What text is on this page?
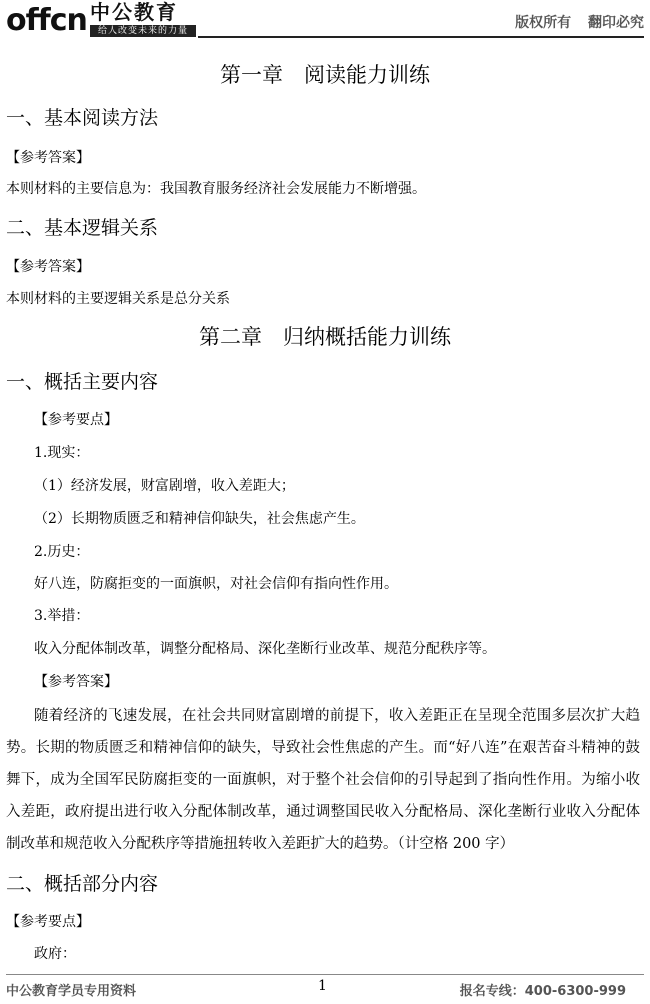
offcn 中公教育
给人改变未来的力量	版权所有 翻印必究
第一章　阅读能力训练
一、基本阅读方法
【参考答案】
本则材料的主要信息为：我国教育服务经济社会发展能力不断增强。
二、基本逻辑关系
【参考答案】
本则材料的主要逻辑关系是总分关系
第二章　归纳概括能力训练
一、概括主要内容
【参考要点】
1.现实：
（1）经济发展，财富剧增，收入差距大；
（2）长期物质匮乏和精神信仰缺失，社会焦虑产生。
2.历史：
好八连，防腐拒变的一面旗帜，对社会信仰有指向性作用。
3.举措：
收入分配体制改革，调整分配格局、深化垄断行业改革、规范分配秩序等。
【参考答案】
随着经济的飞速发展，在社会共同财富剧增的前提下，收入差距正在呈现全范围多层次扩大趋势。长期的物质匮乏和精神信仰的缺失，导致社会性焦虑的产生。而“好八连”在艰苦奋斗精神的鼓舞下，成为全国军民防腐拒变的一面旗帜，对于整个社会信仰的引导起到了指向性作用。为缩小收入差距，政府提出进行收入分配体制改革，通过调整国民收入分配格局、深化垄断行业收入分配体制改革和规范收入分配秩序等措施扭转收入差距扩大的趋势。（计空格 200 字）
二、概括部分内容
【参考要点】
政府：
中公教育学员专用资料	1	报名专线：400-6300-999
